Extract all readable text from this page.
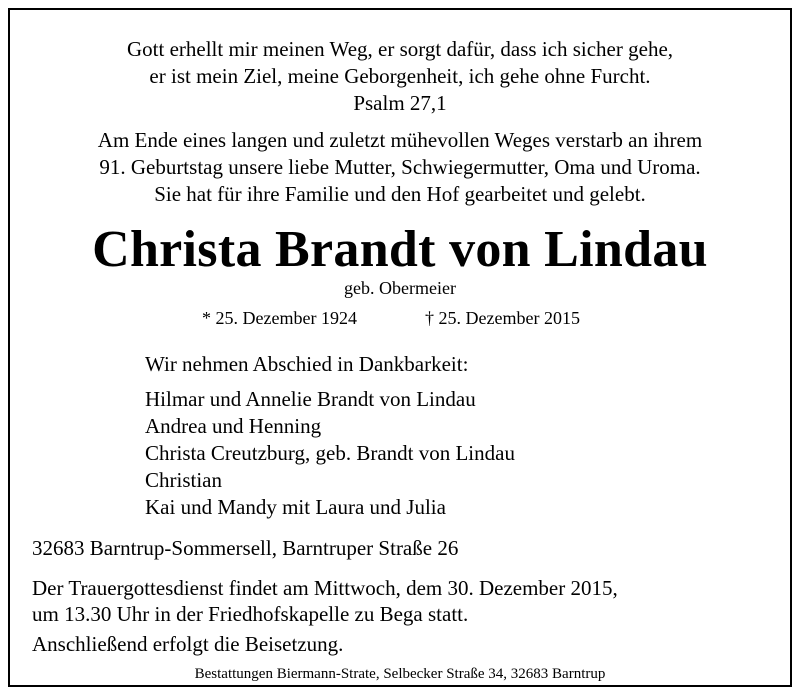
Gott erhellt mir meinen Weg, er sorgt dafür, dass ich sicher gehe,
er ist mein Ziel, meine Geborgenheit, ich gehe ohne Furcht.
Psalm 27,1
Am Ende eines langen und zuletzt mühevollen Weges verstarb an ihrem
91. Geburtstag unsere liebe Mutter, Schwiegermutter, Oma und Uroma.
Sie hat für ihre Familie und den Hof gearbeitet und gelebt.
Christa Brandt von Lindau
geb. Obermeier
* 25. Dezember 1924	† 25. Dezember 2015
Wir nehmen Abschied in Dankbarkeit:
Hilmar und Annelie Brandt von Lindau
Andrea und Henning
Christa Creutzburg, geb. Brandt von Lindau
Christian
Kai und Mandy mit Laura und Julia
32683 Barntrup-Sommersell, Barntruper Straße 26
Der Trauergottesdienst findet am Mittwoch, dem 30. Dezember 2015,
um 13.30 Uhr in der Friedhofskapelle zu Bega statt.
Anschließend erfolgt die Beisetzung.
Bestattungen Biermann-Strate, Selbecker Straße 34, 32683 Barntrup
